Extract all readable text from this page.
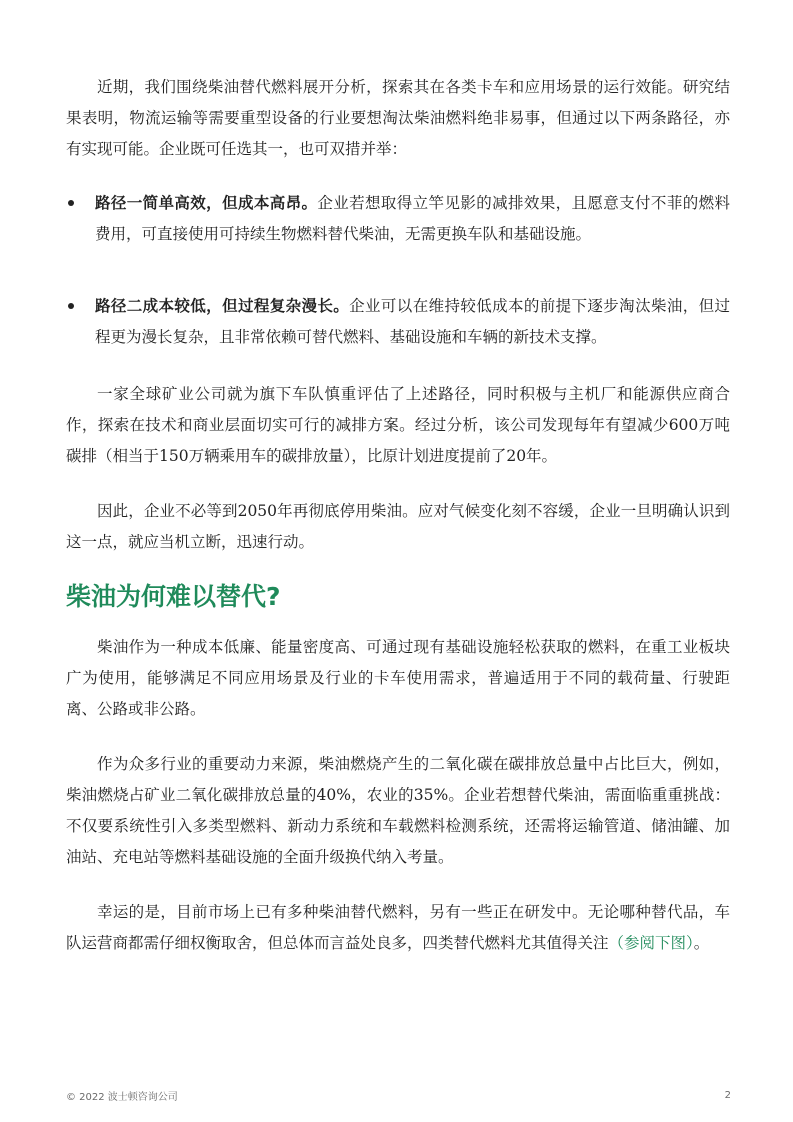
近期，我们围绕柴油替代燃料展开分析，探索其在各类卡车和应用场景的运行效能。研究结果表明，物流运输等需要重型设备的行业要想淘汰柴油燃料绝非易事，但通过以下两条路径，亦有实现可能。企业既可任选其一，也可双措并举：

路径一简单高效，但成本高昂。企业若想取得立竿见影的减排效果，且愿意支付不菲的燃料费用，可直接使用可持续生物燃料替代柴油，无需更换车队和基础设施。
路径二成本较低，但过程复杂漫长。企业可以在维持较低成本的前提下逐步淘汰柴油，但过程更为漫长复杂，且非常依赖可替代燃料、基础设施和车辆的新技术支撑。

一家全球矿业公司就为旗下车队慎重评估了上述路径，同时积极与主机厂和能源供应商合作，探索在技术和商业层面切实可行的减排方案。经过分析，该公司发现每年有望减少600万吨碳排（相当于150万辆乘用车的碳排放量），比原计划进度提前了20年。

因此，企业不必等到2050年再彻底停用柴油。应对气候变化刻不容缓，企业一旦明确认识到这一点，就应当机立断，迅速行动。

柴油为何难以替代?

柴油作为一种成本低廉、能量密度高、可通过现有基础设施轻松获取的燃料，在重工业板块广为使用，能够满足不同应用场景及行业的卡车使用需求，普遍适用于不同的载荷量、行驶距离、公路或非公路。

作为众多行业的重要动力来源，柴油燃烧产生的二氧化碳在碳排放总量中占比巨大，例如，柴油燃烧占矿业二氧化碳排放总量的40%，农业的35%。企业若想替代柴油，需面临重重挑战：不仅要系统性引入多类型燃料、新动力系统和车载燃料检测系统，还需将运输管道、储油罐、加油站、充电站等燃料基础设施的全面升级换代纳入考量。

幸运的是，目前市场上已有多种柴油替代燃料，另有一些正在研发中。无论哪种替代品，车队运营商都需仔细权衡取舍，但总体而言益处良多，四类替代燃料尤其值得关注（参阅下图）。

© 2022 波士顿咨询公司	2
